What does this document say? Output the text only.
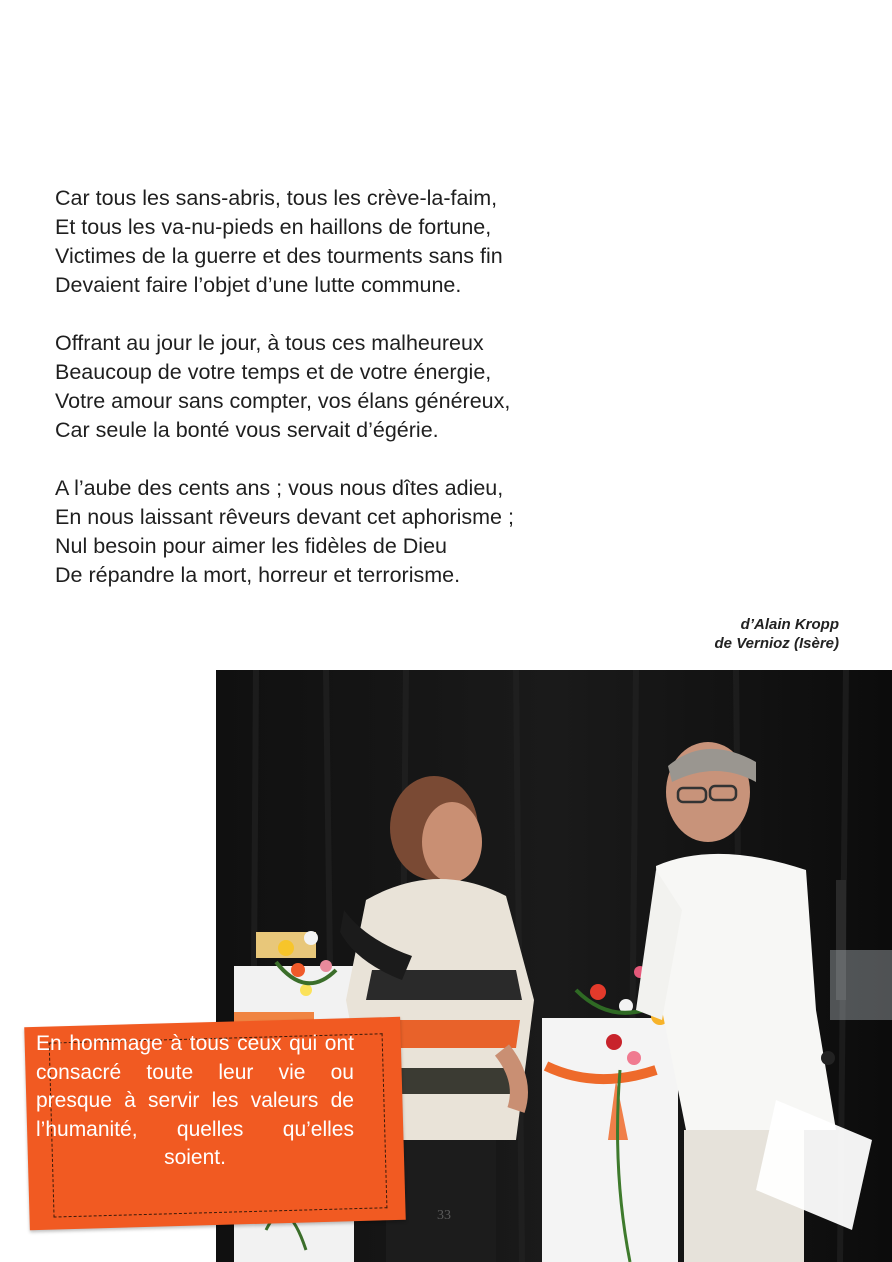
Car tous les sans-abris, tous les crève-la-faim,
Et tous les va-nu-pieds en haillons de fortune,
Victimes de la guerre et des tourments sans fin
Devaient faire l’objet d’une lutte commune.
Offrant au jour le jour, à tous ces malheureux
Beaucoup de votre temps et de votre énergie,
Votre amour sans compter, vos élans généreux,
Car seule la bonté vous servait d’égérie.
A l’aube des cents ans ; vous nous dîtes adieu,
En nous laissant rêveurs devant cet aphorisme ;
Nul besoin pour aimer les fidèles de Dieu
De répandre la mort, horreur et terrorisme.
d’Alain Kropp
de Vernioz (Isère)
33
En hommage à tous ceux qui ont consacré toute leur vie ou presque à servir les valeurs de l’humanité, quelles qu’elles soient.
